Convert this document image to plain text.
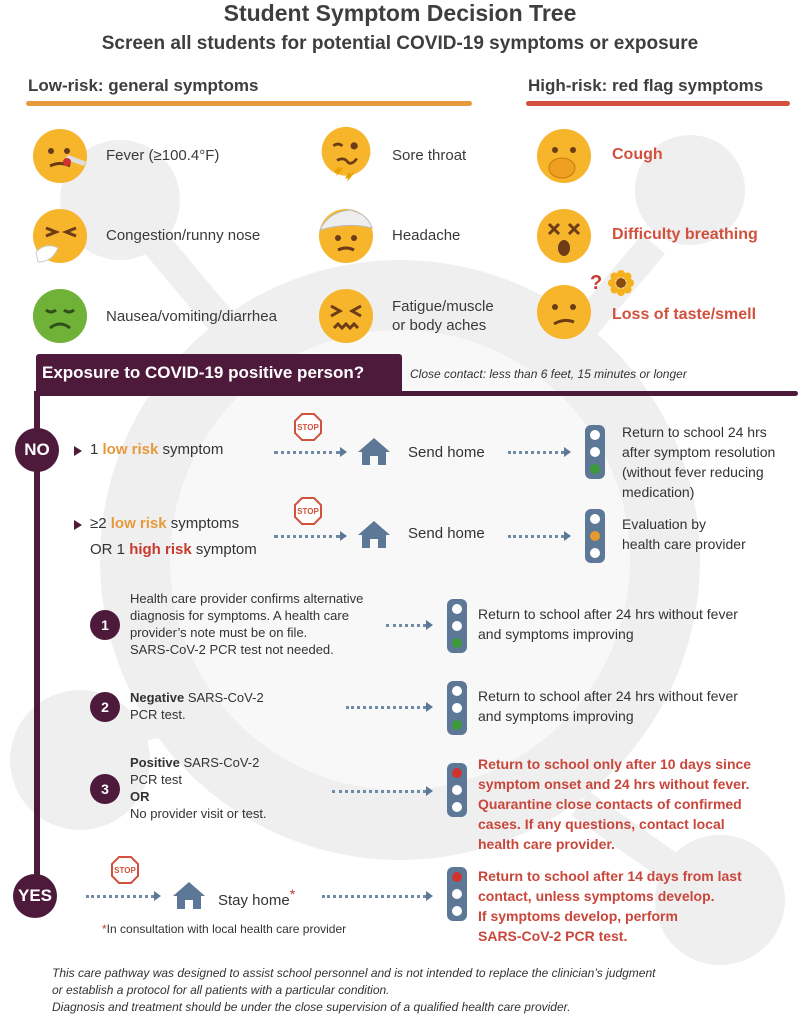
Student Symptom Decision Tree
Screen all students for potential COVID-19 symptoms or exposure
Low-risk: general symptoms	High-risk: red flag symptoms
Fever (≥100.4°F)	Sore throat
Congestion/runny nose	Headache
Nausea/vomiting/diarrhea
Fatigue/muscle
or body aches
Cough
Difficulty breathing
?
Loss of taste/smell
Exposure to COVID-19 positive person?	Close contact: less than 6 feet, 15 minutes or longer
NO	1 low risk symptom
STOP
Send home
Return to school 24 hrs
after symptom resolution
(without fever reducing
medication)
≥2 low risk symptoms
OR 1 high risk symptom
STOP
Send home
Evaluation by
health care provider
1
Health care provider confirms alternative
diagnosis for symptoms. A health care
provider’s note must be on file.
SARS-CoV-2 PCR test not needed.
Return to school after 24 hrs without fever
and symptoms improving
2
Negative SARS-CoV-2
PCR test.
Return to school after 24 hrs without fever
and symptoms improving
3
Positive SARS-CoV-2
PCR test
OR
No provider visit or test.
Return to school only after 10 days since
symptom onset and 24 hrs without fever.
Quarantine close contacts of confirmed
cases. If any questions, contact local
health care provider.
YES
STOP
Stay home*
Return to school after 14 days from last
contact, unless symptoms develop.
If symptoms develop, perform
SARS-CoV-2 PCR test.
*In consultation with local health care provider
This care pathway was designed to assist school personnel and is not intended to replace the clinician’s judgment
or establish a protocol for all patients with a particular condition.
Diagnosis and treatment should be under the close supervision of a qualified health care provider.
